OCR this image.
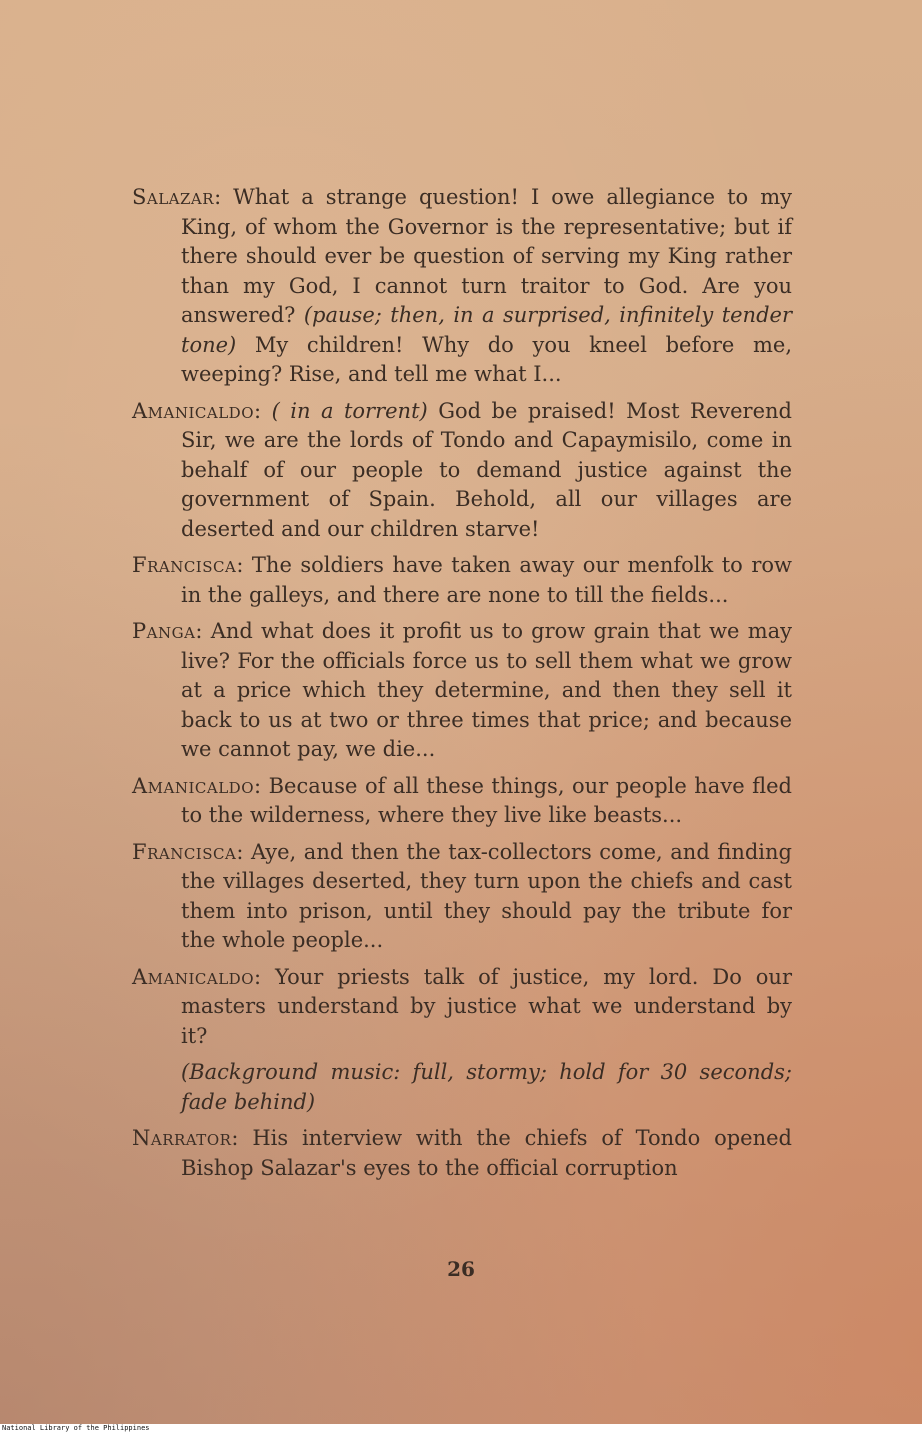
Salazar: What a strange question! I owe allegiance to my King, of whom the Governor is the representative; but if there should ever be question of serving my King rather than my God, I cannot turn traitor to God. Are you answered? (pause; then, in a surprised, infinitely tender tone) My children! Why do you kneel before me, weeping? Rise, and tell me what I...

Amanicaldo: ( in a torrent) God be praised! Most Reverend Sir, we are the lords of Tondo and Capaymisilo, come in behalf of our people to demand justice against the government of Spain. Behold, all our villages are deserted and our children starve!

Francisca: The soldiers have taken away our menfolk to row in the galleys, and there are none to till the fields...

Panga: And what does it profit us to grow grain that we may live? For the officials force us to sell them what we grow at a price which they determine, and then they sell it back to us at two or three times that price; and because we cannot pay, we die...

Amanicaldo: Because of all these things, our people have fled to the wilderness, where they live like beasts...

Francisca: Aye, and then the tax-collectors come, and finding the villages deserted, they turn upon the chiefs and cast them into prison, until they should pay the tribute for the whole people...

Amanicaldo: Your priests talk of justice, my lord. Do our masters understand by justice what we understand by it?

(Background music: full, stormy; hold for 30 seconds; fade behind)

Narrator: His interview with the chiefs of Tondo opened Bishop Salazar's eyes to the official corruption

26
National Library of the Philippines
